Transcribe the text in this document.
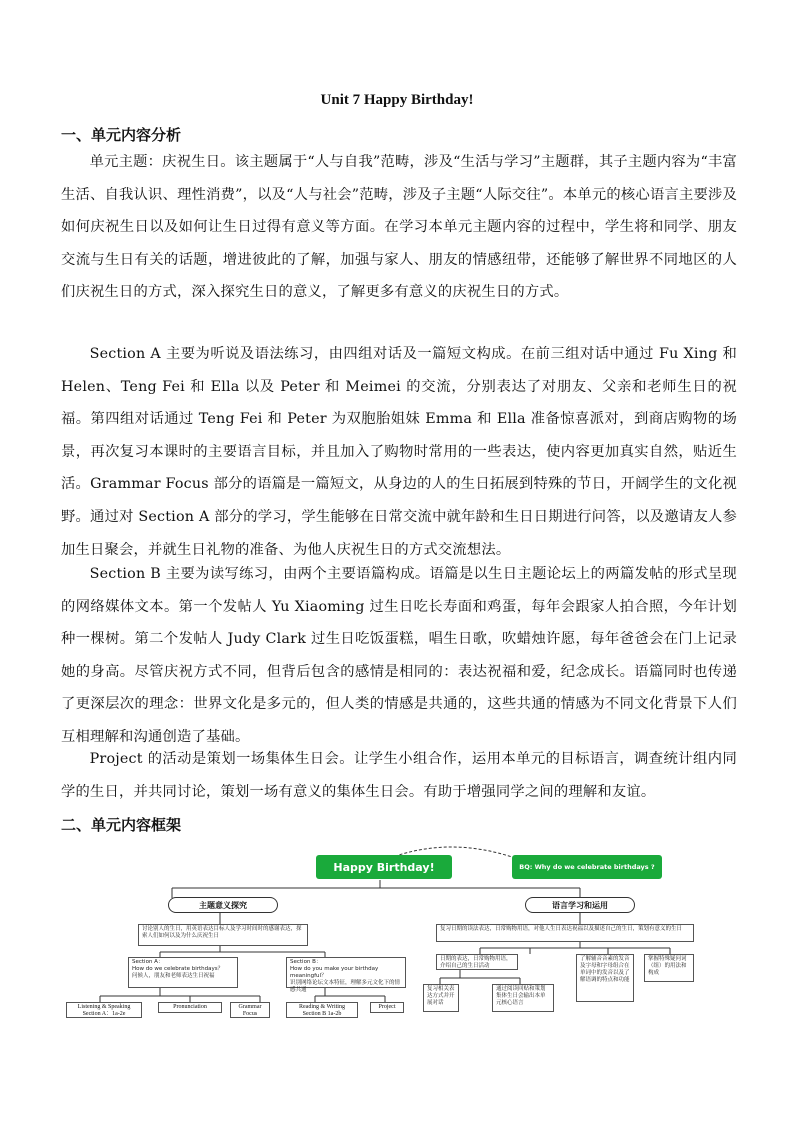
Unit 7 Happy Birthday!
一、单元内容分析

单元主题：庆祝生日。该主题属于“人与自我”范畴，涉及“生活与学习”主题群，其子主题内容为“丰富生活、自我认识、理性消费”，以及“人与社会”范畴，涉及子主题“人际交往”。本单元的核心语言主要涉及如何庆祝生日以及如何让生日过得有意义等方面。在学习本单元主题内容的过程中，学生将和同学、朋友交流与生日有关的话题，增进彼此的了解，加强与家人、朋友的情感纽带，还能够了解世界不同地区的人们庆祝生日的方式，深入探究生日的意义，了解更多有意义的庆祝生日的方式。

Section A 主要为听说及语法练习，由四组对话及一篇短文构成。在前三组对话中通过 Fu Xing 和 Helen、Teng Fei 和 Ella 以及 Peter 和 Meimei 的交流，分别表达了对朋友、父亲和老师生日的祝福。第四组对话通过 Teng Fei 和 Peter 为双胞胎姐妹 Emma 和 Ella 准备惊喜派对，到商店购物的场景，再次复习本课时的主要语言目标，并且加入了购物时常用的一些表达，使内容更加真实自然，贴近生活。Grammar Focus 部分的语篇是一篇短文，从身边的人的生日拓展到特殊的节日，开阔学生的文化视野。通过对 Section A 部分的学习，学生能够在日常交流中就年龄和生日日期进行问答，以及邀请友人参加生日聚会，并就生日礼物的准备、为他人庆祝生日的方式交流想法。

Section B 主要为读写练习，由两个主要语篇构成。语篇是以生日主题论坛上的两篇发帖的形式呈现的网络媒体文本。第一个发帖人 Yu Xiaoming 过生日吃长寿面和鸡蛋，每年会跟家人拍合照，今年计划种一棵树。第二个发帖人 Judy Clark 过生日吃饭蛋糕，唱生日歌，吹蜡烛许愿，每年爸爸会在门上记录她的身高。尽管庆祝方式不同，但背后包含的感情是相同的：表达祝福和爱，纪念成长。语篇同时也传递了更深层次的理念：世界文化是多元的，但人类的情感是共通的，这些共通的情感为不同文化背景下人们互相理解和沟通创造了基础。

Project 的活动是策划一场集体生日会。让学生小组合作，运用本单元的目标语言，调查统计组内同学的生日，并共同讨论，策划一场有意义的集体生日会。有助于增强同学之间的理解和友谊。

二、单元内容框架
Happy Birthday!	BQ: Why do we celebrate birthdays ?
主题意义探究	语言学习和运用
讨论别人的生日，用英语表达目标人及学习时间时的感谢表达，探索人们如何以及为什么庆祝生日
复习日期的读法表达，日常购物用语，对他人生日表达祝福以及描述自己的生日，策划有意义的生日
Section A：
How do we celebrate birthdays？
问候人，朋友和老师表达生日祝福
Section B：
How do you make your birthday meaningful？
识别网络论坛文本特征，理解多元文化下的情感共通
Listening & Speaking
Section A：1a-2e
Pronunciation	Grammar
Focus
Reading & Writing
Section B 1a-2b
Project
日期的表达，日常购物用语，介绍自己的生日活动
复习相关表达方式并开展对话
通过阅读回贴和策划集体生日会输出本单元核心语言
了解辅音音素的发音及字母和字母组合在单词中的发音以及了解语调的特点和功能
掌握特殊疑问词（组）的用法和构成
